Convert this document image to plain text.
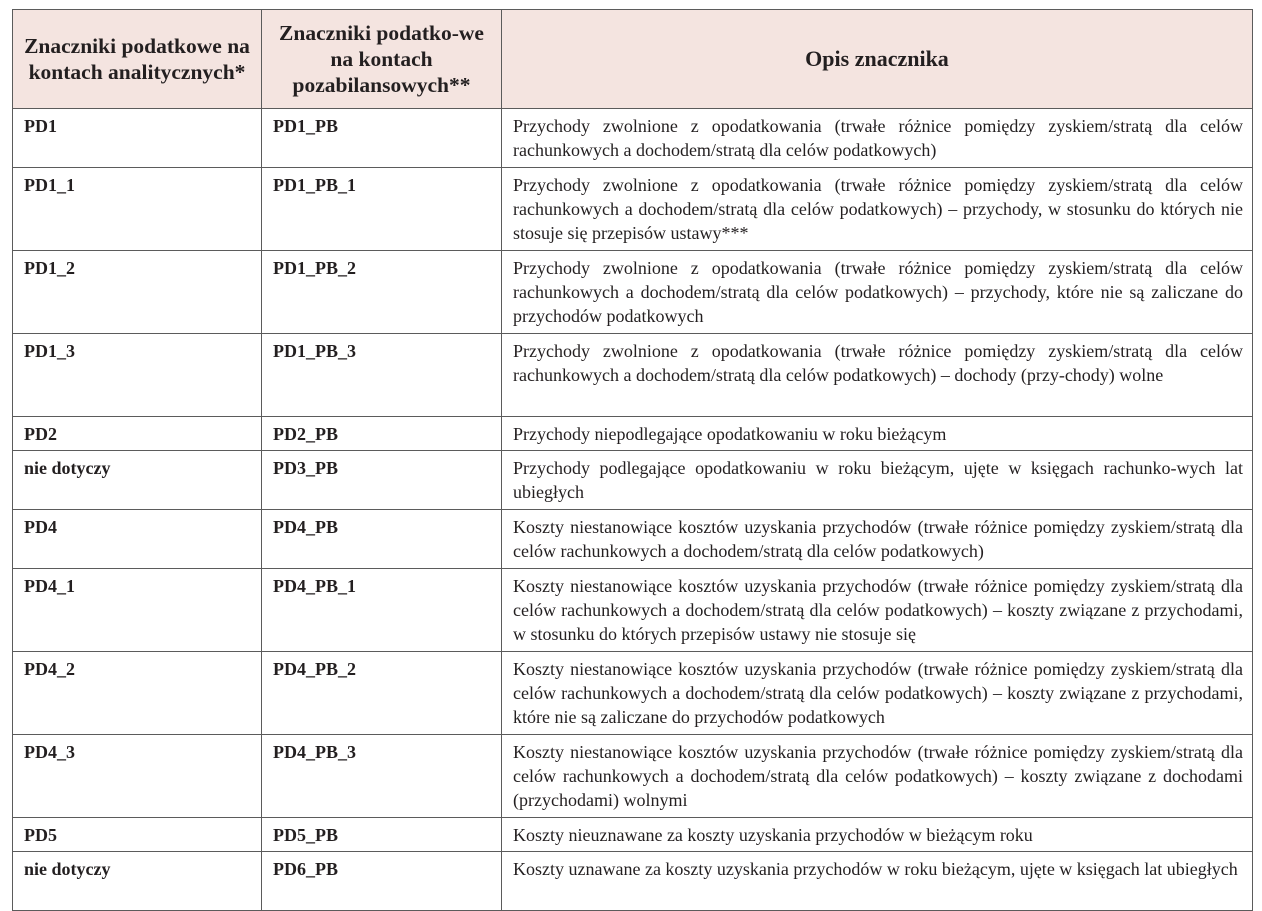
Znaczniki podatkowe na kontach analitycznych*	Znaczniki podatko-we na kontach pozabilansowych**	Opis znacznika
PD1	PD1_PB	Przychody zwolnione z opodatkowania (trwałe różnice pomiędzy zyskiem/stratą dla celów rachunkowych a dochodem/stratą dla celów podatkowych)
PD1_1	PD1_PB_1	Przychody zwolnione z opodatkowania (trwałe różnice pomiędzy zyskiem/stratą dla celów rachunkowych a dochodem/stratą dla celów podatkowych) – przychody, w stosunku do których nie stosuje się przepisów ustawy***
PD1_2	PD1_PB_2	Przychody zwolnione z opodatkowania (trwałe różnice pomiędzy zyskiem/stratą dla celów rachunkowych a dochodem/stratą dla celów podatkowych) – przychody, które nie są zaliczane do przychodów podatkowych
PD1_3	PD1_PB_3	Przychody zwolnione z opodatkowania (trwałe różnice pomiędzy zyskiem/stratą dla celów rachunkowych a dochodem/stratą dla celów podatkowych) – dochody (przy-chody) wolne
PD2	PD2_PB	Przychody niepodlegające opodatkowaniu w roku bieżącym
nie dotyczy	PD3_PB	Przychody podlegające opodatkowaniu w roku bieżącym, ujęte w księgach rachunko-wych lat ubiegłych
PD4	PD4_PB	Koszty niestanowiące kosztów uzyskania przychodów (trwałe różnice pomiędzy zyskiem/stratą dla celów rachunkowych a dochodem/stratą dla celów podatkowych)
PD4_1	PD4_PB_1	Koszty niestanowiące kosztów uzyskania przychodów (trwałe różnice pomiędzy zyskiem/stratą dla celów rachunkowych a dochodem/stratą dla celów podatkowych) – koszty związane z przychodami, w stosunku do których przepisów ustawy nie stosuje się
PD4_2	PD4_PB_2	Koszty niestanowiące kosztów uzyskania przychodów (trwałe różnice pomiędzy zyskiem/stratą dla celów rachunkowych a dochodem/stratą dla celów podatkowych) – koszty związane z przychodami, które nie są zaliczane do przychodów podatkowych
PD4_3	PD4_PB_3	Koszty niestanowiące kosztów uzyskania przychodów (trwałe różnice pomiędzy zyskiem/stratą dla celów rachunkowych a dochodem/stratą dla celów podatkowych) – koszty związane z dochodami (przychodami) wolnymi
PD5	PD5_PB	Koszty nieuznawane za koszty uzyskania przychodów w bieżącym roku
nie dotyczy	PD6_PB	Koszty uznawane za koszty uzyskania przychodów w roku bieżącym, ujęte w księgach lat ubiegłych
